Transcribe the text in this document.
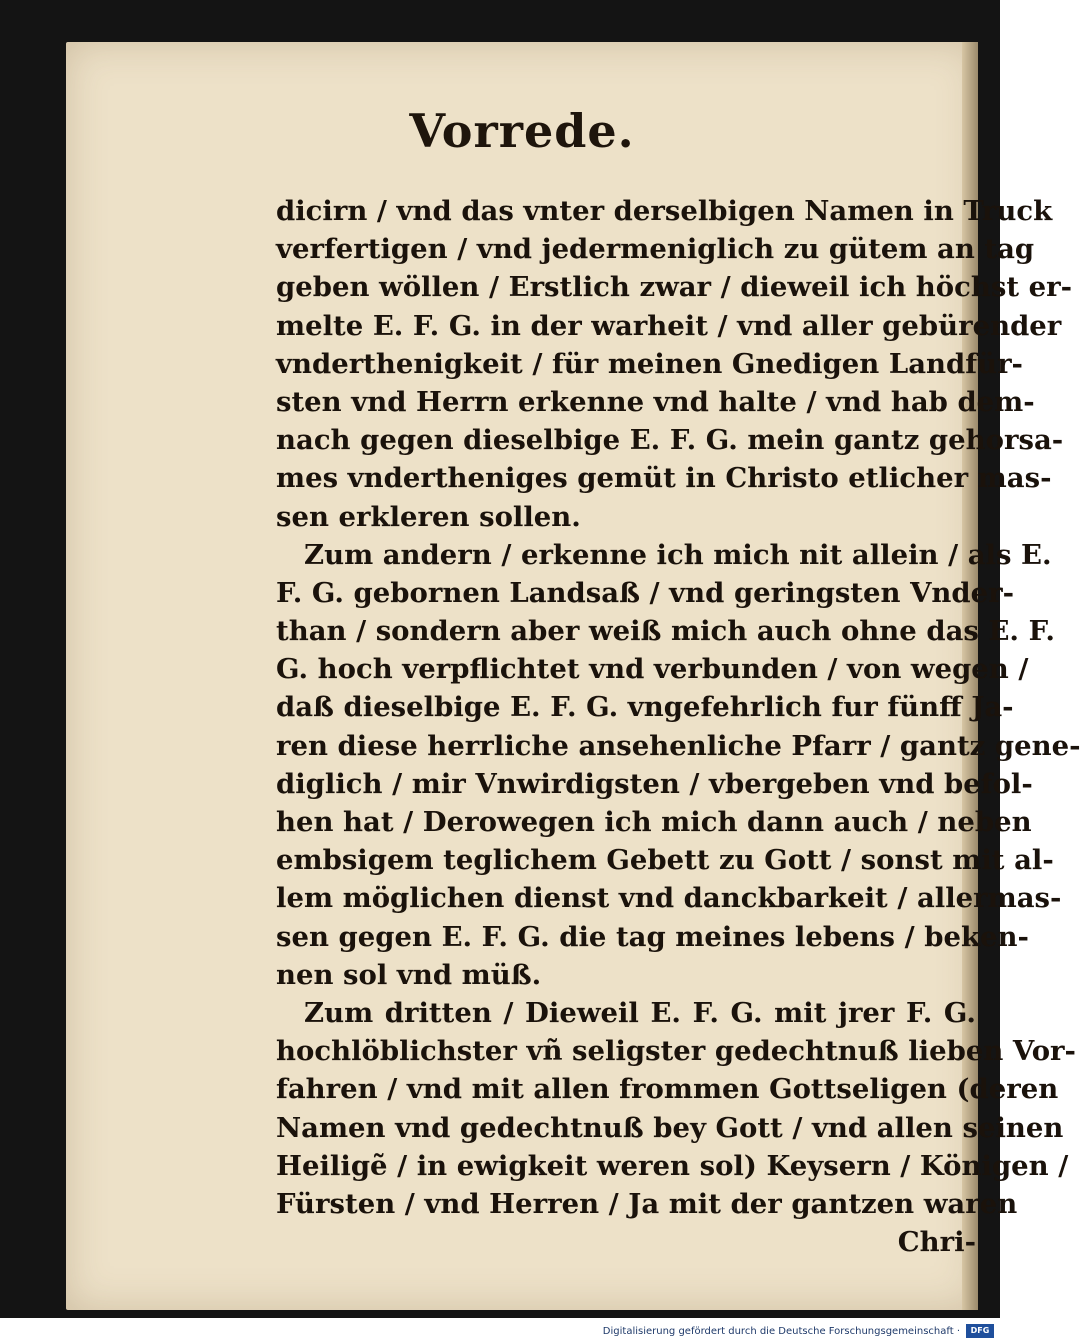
Vorrede.
dicirn / vnd das vnter derselbigen Namen in Truck
verfertigen / vnd jedermeniglich zu gütem an tag
geben wöllen / Erstlich zwar / dieweil ich höchst er-
melte E. F. G. in der warheit / vnd aller gebürender
vnderthenigkeit / für meinen Gnedigen Landfür-
sten vnd Herrn erkenne vnd halte / vnd hab dem-
nach gegen dieselbige E. F. G. mein gantz gehorsa-
mes vndertheniges gemüt in Christo etlicher mas-
sen erkleren sollen.
Zum andern / erkenne ich mich nit allein / als E.
F. G. gebornen Landsaß / vnd geringsten Vnder-
than / sondern aber weiß mich auch ohne das E. F.
G. hoch verpflichtet vnd verbunden / von wegen /
daß dieselbige E. F. G. vngefehrlich fur fünff Ja-
ren diese herrliche ansehenliche Pfarr / gantz gene-
diglich / mir Vnwirdigsten / vbergeben vnd befol-
hen hat / Derowegen ich mich dann auch / neben
embsigem teglichem Gebett zu Gott / sonst mit al-
lem möglichen dienst vnd danckbarkeit / allermas-
sen gegen E. F. G. die tag meines lebens / beken-
nen sol vnd müß.
Zum dritten / Dieweil E. F. G. mit jrer F. G.
hochlöblichster vñ seligster gedechtnuß lieben Vor-
fahren / vnd mit allen frommen Gottseligen (deren
Namen vnd gedechtnuß bey Gott / vnd allen seinen
Heiligẽ / in ewigkeit weren sol) Keysern / Königen /
Fürsten / vnd Herren / Ja mit der gantzen waren
Chri-
Digitalisierung gefördert durch die Deutsche Forschungsgemeinschaft ·	DFG
